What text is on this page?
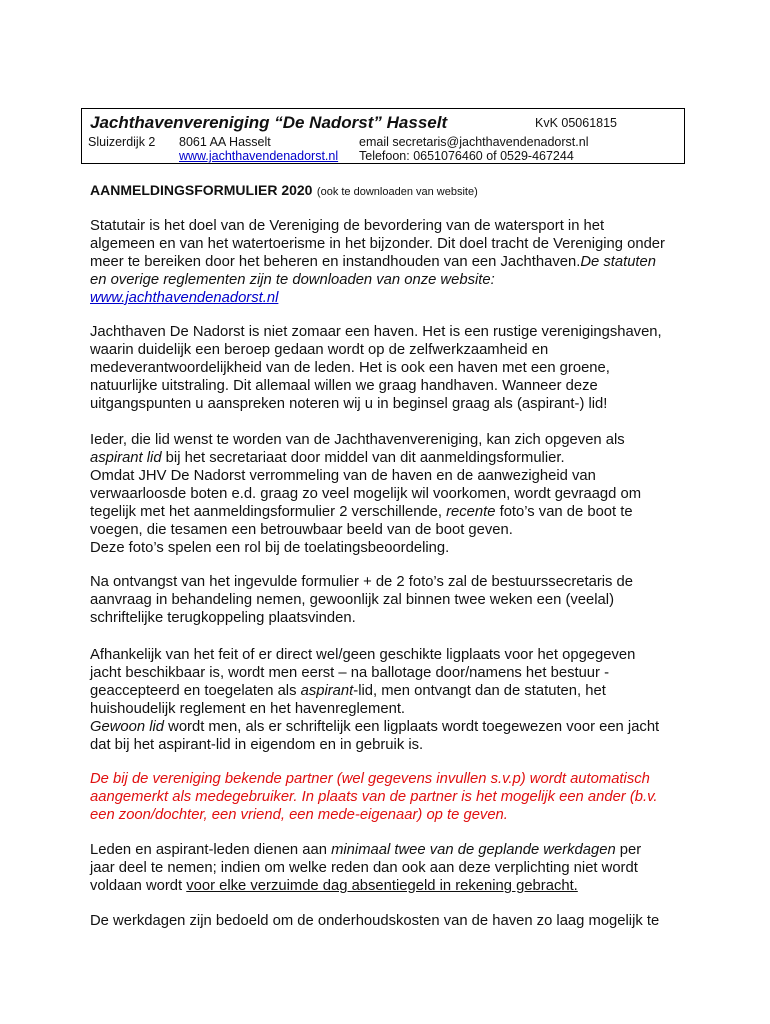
Jachthavenvereniging “De Nadorst” Hasselt	KvK 05061815
Sluizerdijk 2 8061 AA Hasselt
www.jachthavendenadorst.nl
email secretaris@jachthavendenadorst.nl
Telefoon: 0651076460 of 0529-467244
AANMELDINGSFORMULIER 2020 (ook te downloaden van website)
Statutair is het doel van de Vereniging de bevordering van de watersport in het
algemeen en van het watertoerisme in het bijzonder. Dit doel tracht de Vereniging onder
meer te bereiken door het beheren en instandhouden van een Jachthaven.De statuten
en overige reglementen zijn te downloaden van onze website:
www.jachthavendenadorst.nl
Jachthaven De Nadorst is niet zomaar een haven. Het is een rustige verenigingshaven,
waarin duidelijk een beroep gedaan wordt op de zelfwerkzaamheid en
medeverantwoordelijkheid van de leden. Het is ook een haven met een groene,
natuurlijke uitstraling. Dit allemaal willen we graag handhaven. Wanneer deze
uitgangspunten u aanspreken noteren wij u in beginsel graag als (aspirant-) lid!
Ieder, die lid wenst te worden van de Jachthavenvereniging, kan zich opgeven als
aspirant lid bij het secretariaat door middel van dit aanmeldingsformulier.
Omdat JHV De Nadorst verrommeling van de haven en de aanwezigheid van
verwaarloosde boten e.d. graag zo veel mogelijk wil voorkomen, wordt gevraagd om
tegelijk met het aanmeldingsformulier 2 verschillende, recente foto’s van de boot te
voegen, die tesamen een betrouwbaar beeld van de boot geven.
Deze foto’s spelen een rol bij de toelatingsbeoordeling.
Na ontvangst van het ingevulde formulier + de 2 foto’s zal de bestuurssecretaris de
aanvraag in behandeling nemen, gewoonlijk zal binnen twee weken een (veelal)
schriftelijke terugkoppeling plaatsvinden.
Afhankelijk van het feit of er direct wel/geen geschikte ligplaats voor het opgegeven
jacht beschikbaar is, wordt men eerst – na ballotage door/namens het bestuur -
geaccepteerd en toegelaten als aspirant-lid, men ontvangt dan de statuten, het
huishoudelijk reglement en het havenreglement.
Gewoon lid wordt men, als er schriftelijk een ligplaats wordt toegewezen voor een jacht
dat bij het aspirant-lid in eigendom en in gebruik is.
De bij de vereniging bekende partner (wel gegevens invullen s.v.p) wordt automatisch
aangemerkt als medegebruiker. In plaats van de partner is het mogelijk een ander (b.v.
een zoon/dochter, een vriend, een mede-eigenaar) op te geven.
Leden en aspirant-leden dienen aan minimaal twee van de geplande werkdagen per
jaar deel te nemen; indien om welke reden dan ook aan deze verplichting niet wordt
voldaan wordt voor elke verzuimde dag absentiegeld in rekening gebracht.
De werkdagen zijn bedoeld om de onderhoudskosten van de haven zo laag mogelijk te
